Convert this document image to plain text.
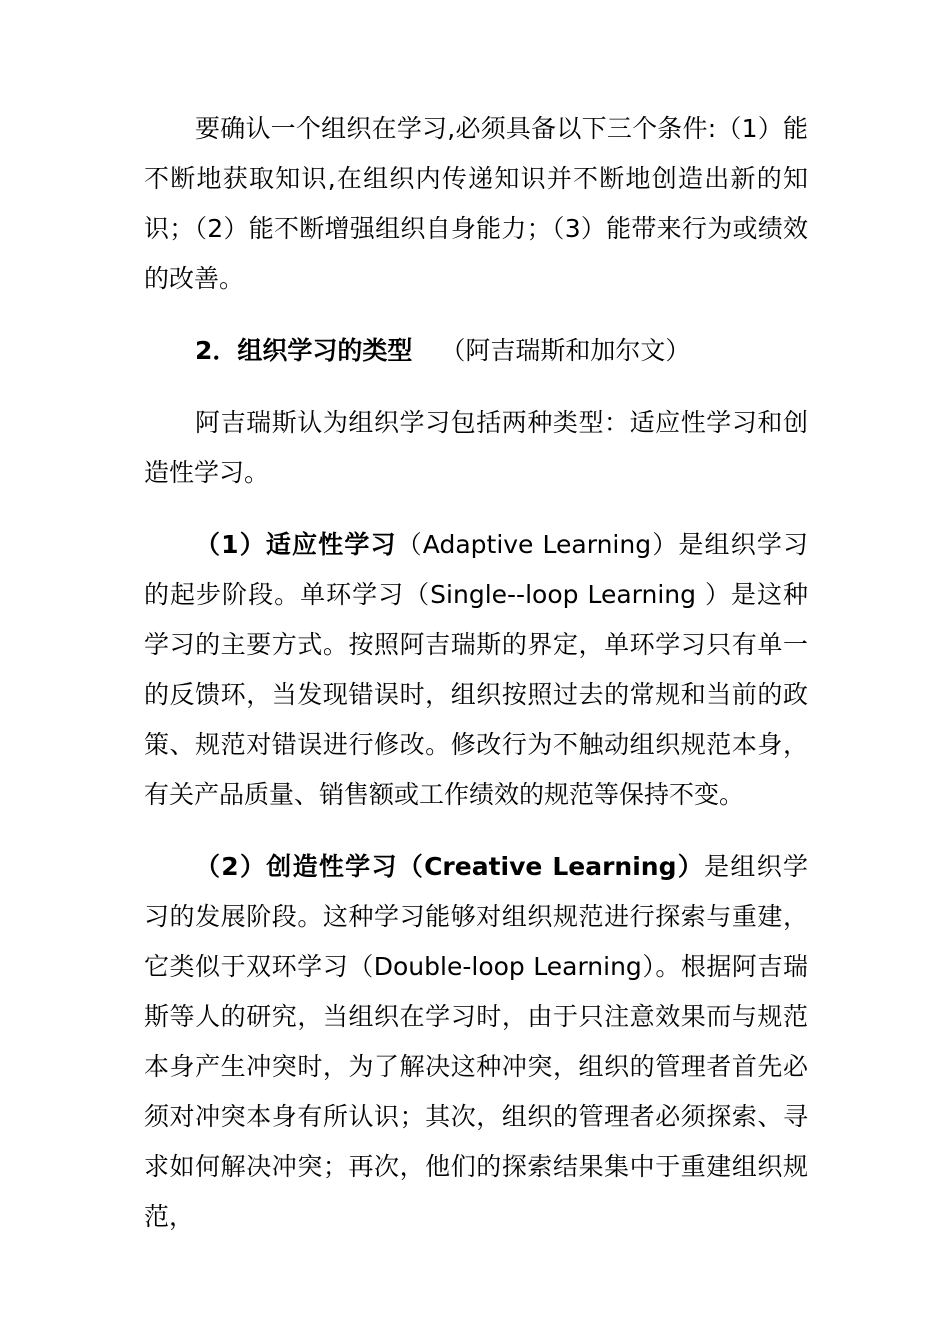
要确认一个组织在学习,必须具备以下三个条件:（1）能不断地获取知识,在组织内传递知识并不断地创造出新的知识；（2）能不断增强组织自身能力；（3）能带来行为或绩效的改善。

2．组织学习的类型 （阿吉瑞斯和加尔文）

阿吉瑞斯认为组织学习包括两种类型：适应性学习和创造性学习。

（1）适应性学习（Adaptive Learning）是组织学习的起步阶段。单环学习（Single--loop Learning ）是这种学习的主要方式。按照阿吉瑞斯的界定，单环学习只有单一的反馈环，当发现错误时，组织按照过去的常规和当前的政策、规范对错误进行修改。修改行为不触动组织规范本身，有关产品质量、销售额或工作绩效的规范等保持不变。

（2）创造性学习（Creative Learning）是组织学习的发展阶段。这种学习能够对组织规范进行探索与重建，它类似于双环学习（Double-loop Learning）。根据阿吉瑞斯等人的研究，当组织在学习时，由于只注意效果而与规范本身产生冲突时，为了解决这种冲突，组织的管理者首先必须对冲突本身有所认识；其次，组织的管理者必须探索、寻求如何解决冲突；再次，他们的探索结果集中于重建组织规范，
